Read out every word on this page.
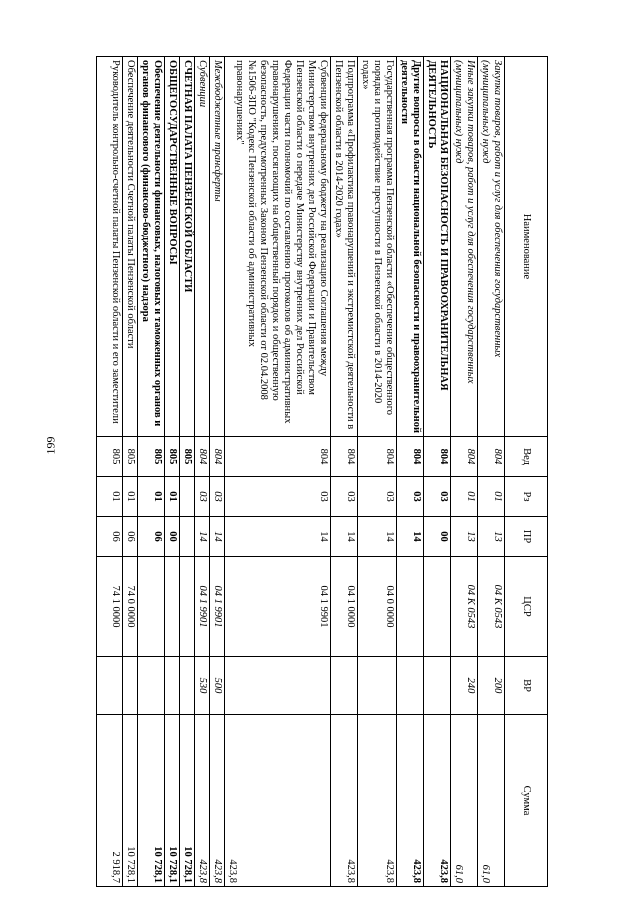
199
Наименование	Вед	Рз	ПР	ЦСР	ВР	Сумма
Закупка товаров, работ и услуг для обеспечения государственных (муниципальных) нужд	804	01	13	04 К 0543	200	61,0
Иные закупки товаров, работ и услуг для обеспечения государственных (муниципальных) нужд	804	01	13	04 К 0543	240	61,0
НАЦИОНАЛЬНАЯ БЕЗОПАСНОСТЬ И ПРАВООХРАНИТЕЛЬНАЯ ДЕЯТЕЛЬНОСТЬ	804	03	00			423,8
Другие вопросы в области национальной безопасности и правоохранительной деятельности	804	03	14			423,8
Государственная программа Пензенской области «Обеспечение общественного порядка и противодействие преступности в Пензенской области в 2014-2020 годах»	804	03	14	04 0 0000		423,8
Подпрограмма «Профилактика правонарушений и экстремистской деятельности в Пензенской области в 2014-2020 годах»	804	03	14	04 1 0000		423,8
Субвенции федеральному бюджету на реализацию Соглашения между Министерством внутренних дел Российской Федерации и Правительством Пензенской области о передаче Министерству внутренних дел Российской Федерации части полномочий по составлению протоколов об административных правонарушениях, посягающих на общественный порядок и общественную безопасность, предусмотренных Законом Пензенской области от 02.04.2008 №1506-ЗПО "Кодекс Пензенской области об административных правонарушениях"	804	03	14	04 1 9901		423,8
Межбюджетные трансферты	804	03	14	04 1 9901	500	423,8
Субвенции	804	03	14	04 1 9901	530	423,8
СЧЕТНАЯ ПАЛАТА ПЕНЗЕНСКОЙ ОБЛАСТИ	805					10 728,1
ОБЩЕГОСУДАРСТВЕННЫЕ ВОПРОСЫ	805	01	00			10 728,1
Обеспечение деятельности финансовых, налоговых и таможенных органов и органов финансового (финансово-бюджетного) надзора	805	01	06			10 728,1
Обеспечение деятельности Счетной палаты Пензенской области	805	01	06	74 0 0000		10 728,1
Руководитель контрольно-счетной палаты Пензенской области и его заместители	805	01	06	74 1 0000		2 918,7
